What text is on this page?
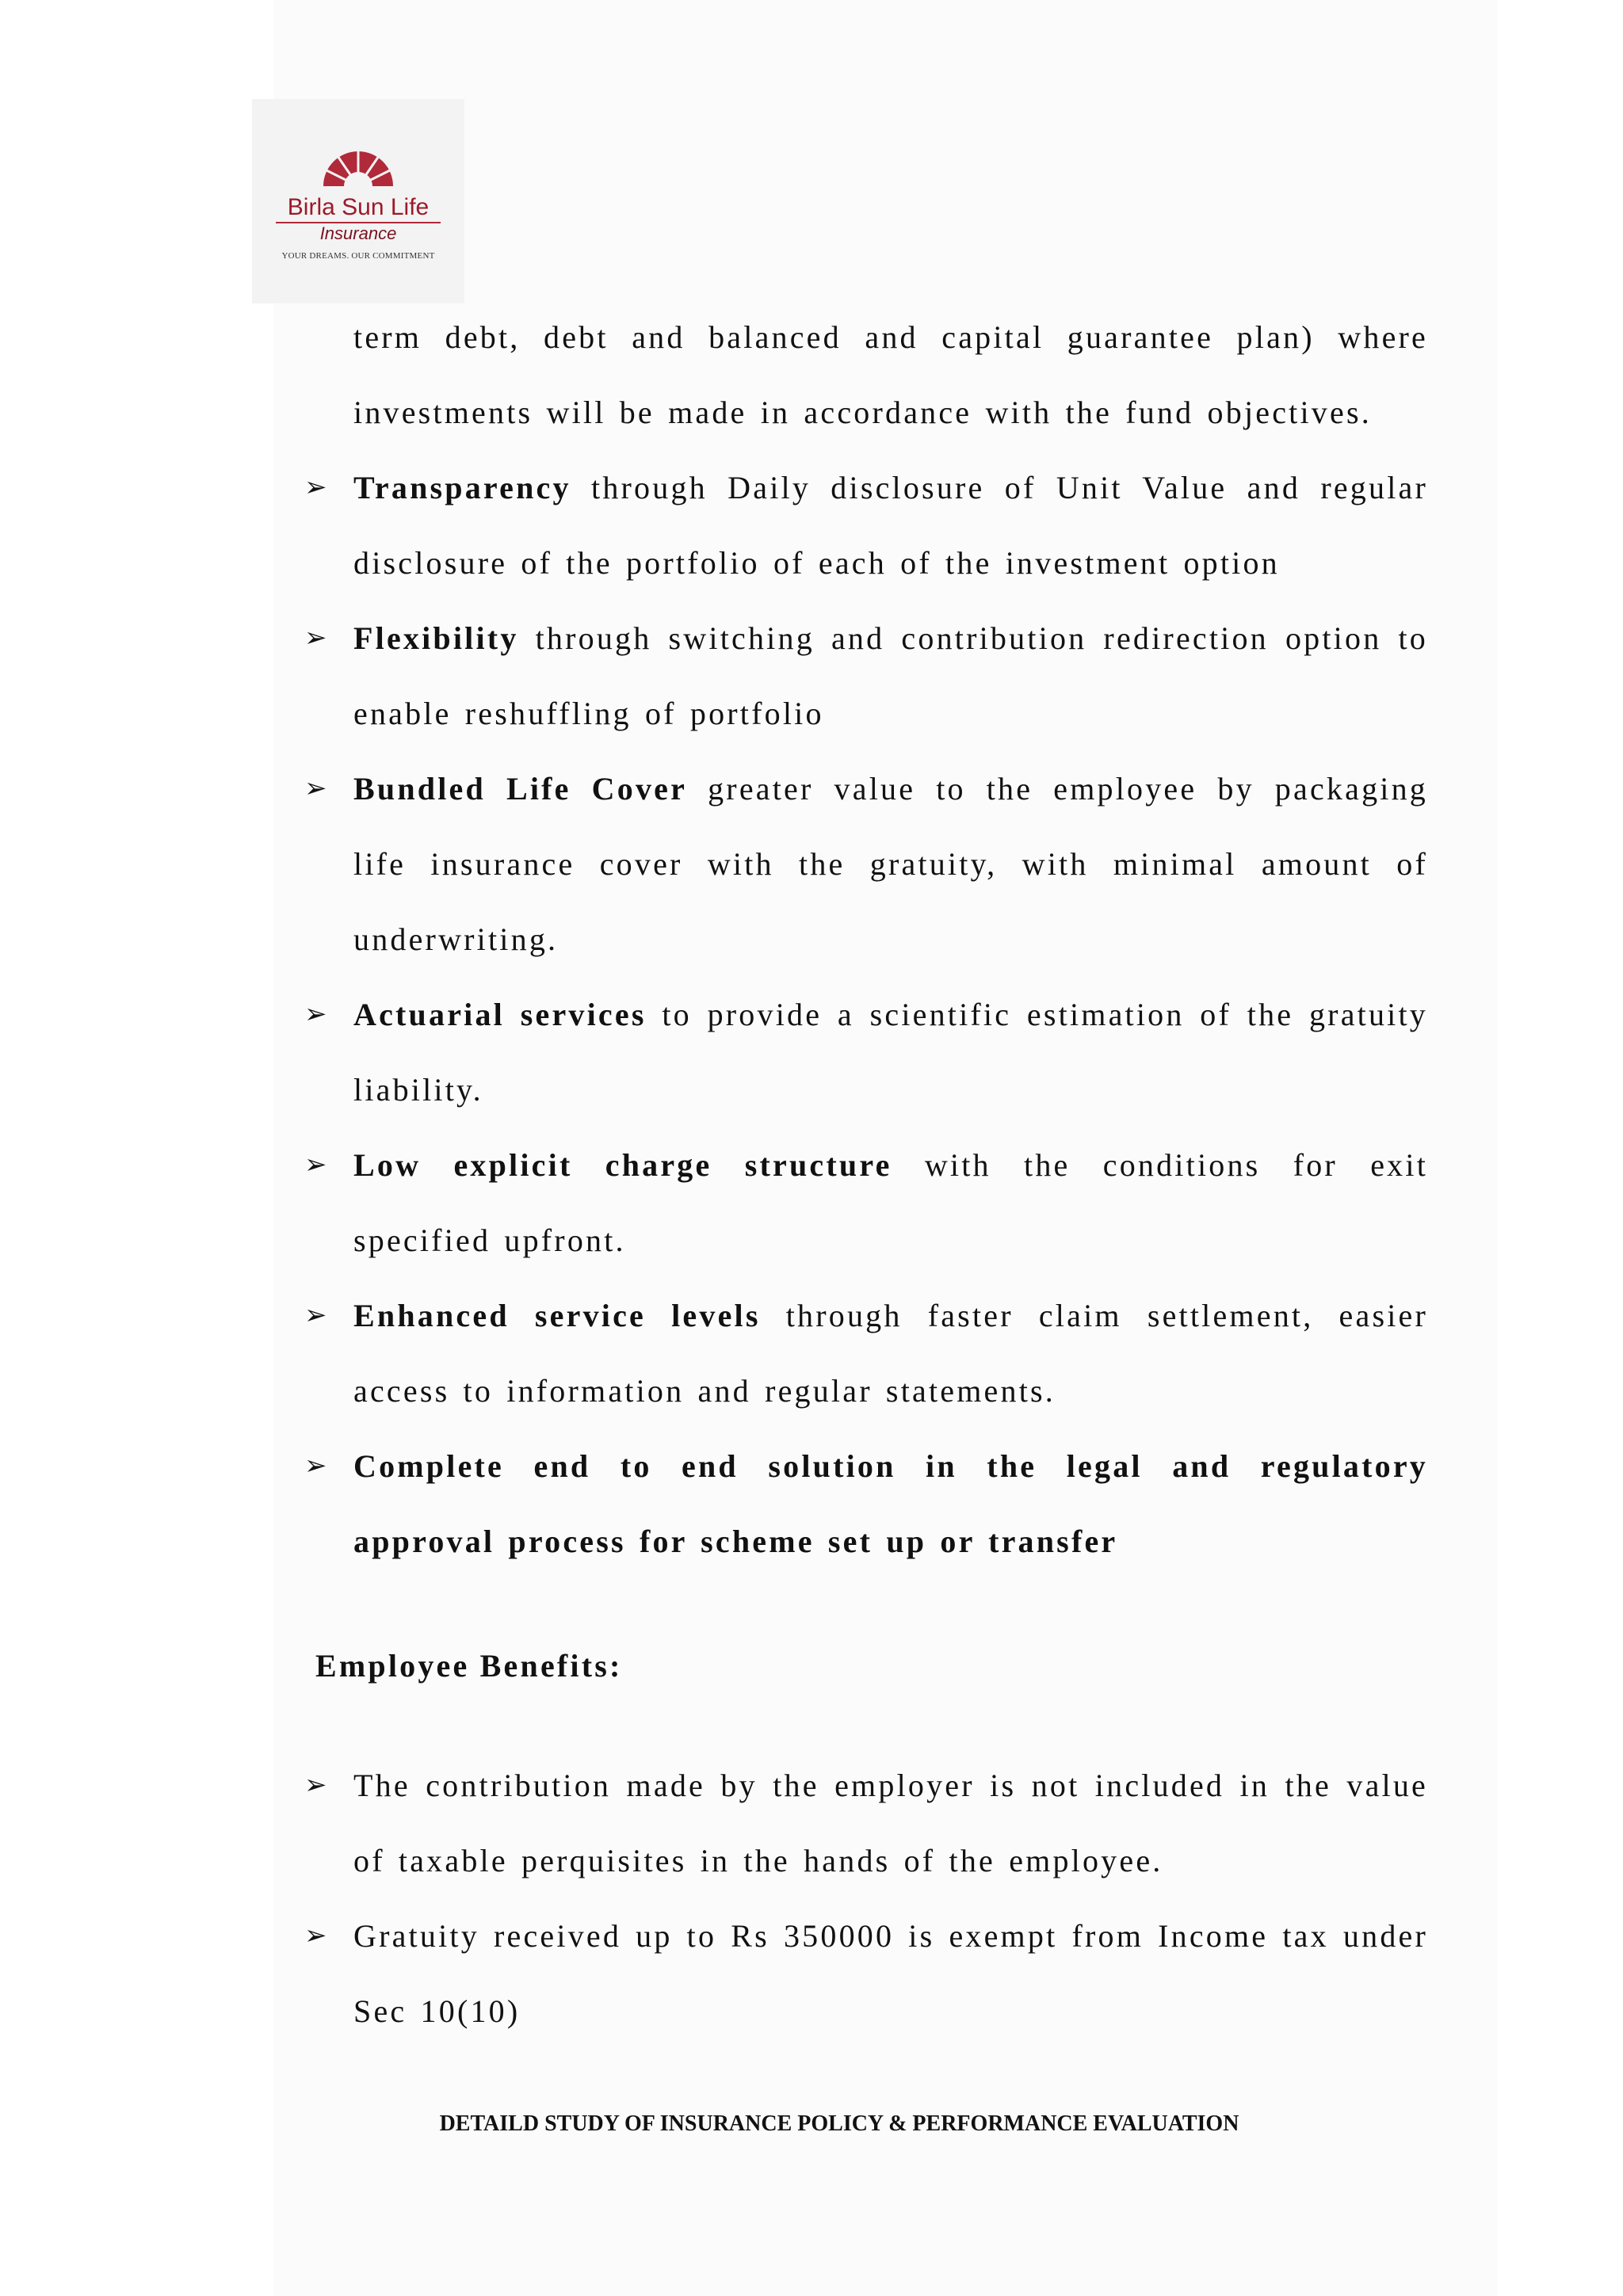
Birla Sun Life
Insurance
YOUR DREAMS. OUR COMMITMENT

term debt, debt and balanced and capital guarantee plan) where

investments will be made in accordance with the fund objectives.

➢ Transparency through Daily disclosure of Unit Value and regular

disclosure of the portfolio of each of the investment option

➢ Flexibility through switching and contribution redirection option to

enable reshuffling of portfolio

➢ Bundled Life Cover greater value to the employee by packaging

life insurance cover with the gratuity, with minimal amount of

underwriting.

➢ Actuarial services to provide a scientific estimation of the gratuity

liability.

➢ Low explicit charge structure with the conditions for exit

specified upfront.

➢ Enhanced service levels through faster claim settlement, easier

access to information and regular statements.

➢ Complete end to end solution in the legal and regulatory

approval process for scheme set up or transfer

Employee Benefits:

➢ The contribution made by the employer is not included in the value

of taxable perquisites in the hands of the employee.

➢ Gratuity received up to Rs 350000 is exempt from Income tax under

Sec 10(10)

DETAILD STUDY OF INSURANCE POLICY & PERFORMANCE EVALUATION
